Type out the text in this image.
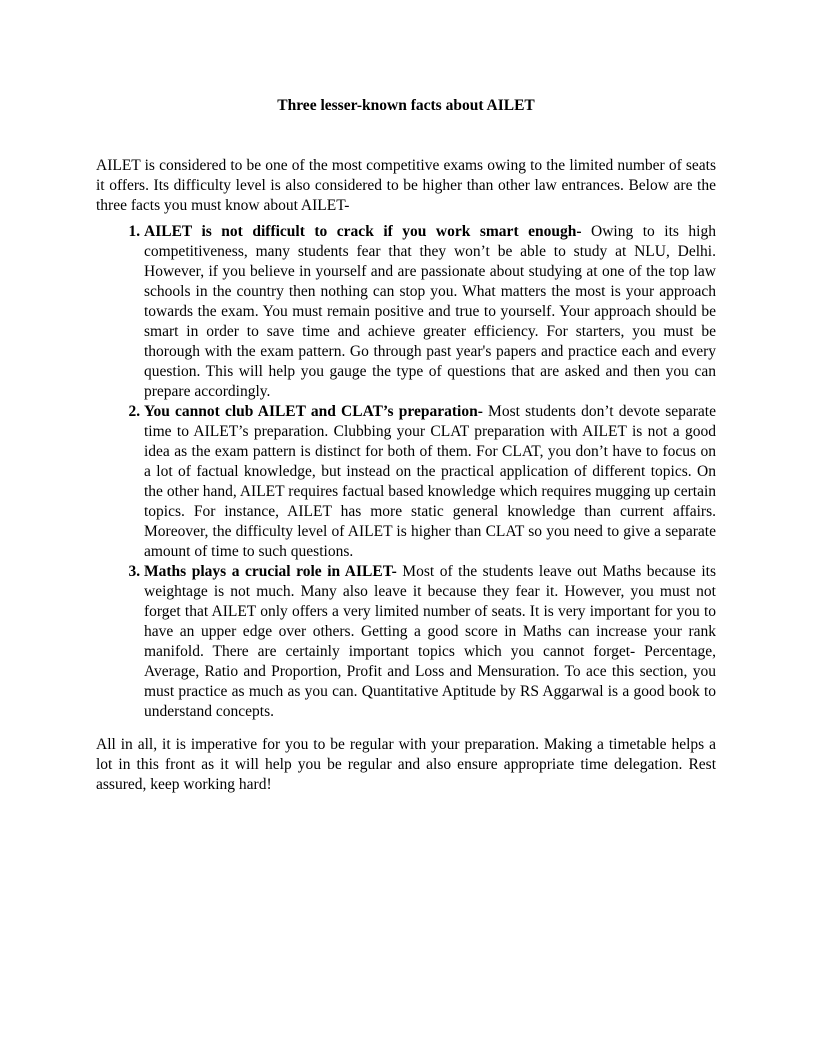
Three lesser-known facts about AILET

AILET is considered to be one of the most competitive exams owing to the limited number of seats it offers. Its difficulty level is also considered to be higher than other law entrances. Below are the three facts you must know about AILET-

1. AILET is not difficult to crack if you work smart enough- Owing to its high competitiveness, many students fear that they won’t be able to study at NLU, Delhi. However, if you believe in yourself and are passionate about studying at one of the top law schools in the country then nothing can stop you. What matters the most is your approach towards the exam. You must remain positive and true to yourself. Your approach should be smart in order to save time and achieve greater efficiency. For starters, you must be thorough with the exam pattern. Go through past year's papers and practice each and every question. This will help you gauge the type of questions that are asked and then you can prepare accordingly.
2. You cannot club AILET and CLAT’s preparation- Most students don’t devote separate time to AILET’s preparation. Clubbing your CLAT preparation with AILET is not a good idea as the exam pattern is distinct for both of them. For CLAT, you don’t have to focus on a lot of factual knowledge, but instead on the practical application of different topics. On the other hand, AILET requires factual based knowledge which requires mugging up certain topics. For instance, AILET has more static general knowledge than current affairs. Moreover, the difficulty level of AILET is higher than CLAT so you need to give a separate amount of time to such questions.
3. Maths plays a crucial role in AILET- Most of the students leave out Maths because its weightage is not much. Many also leave it because they fear it. However, you must not forget that AILET only offers a very limited number of seats. It is very important for you to have an upper edge over others. Getting a good score in Maths can increase your rank manifold. There are certainly important topics which you cannot forget- Percentage, Average, Ratio and Proportion, Profit and Loss and Mensuration. To ace this section, you must practice as much as you can. Quantitative Aptitude by RS Aggarwal is a good book to understand concepts.

All in all, it is imperative for you to be regular with your preparation. Making a timetable helps a lot in this front as it will help you be regular and also ensure appropriate time delegation. Rest assured, keep working hard!
